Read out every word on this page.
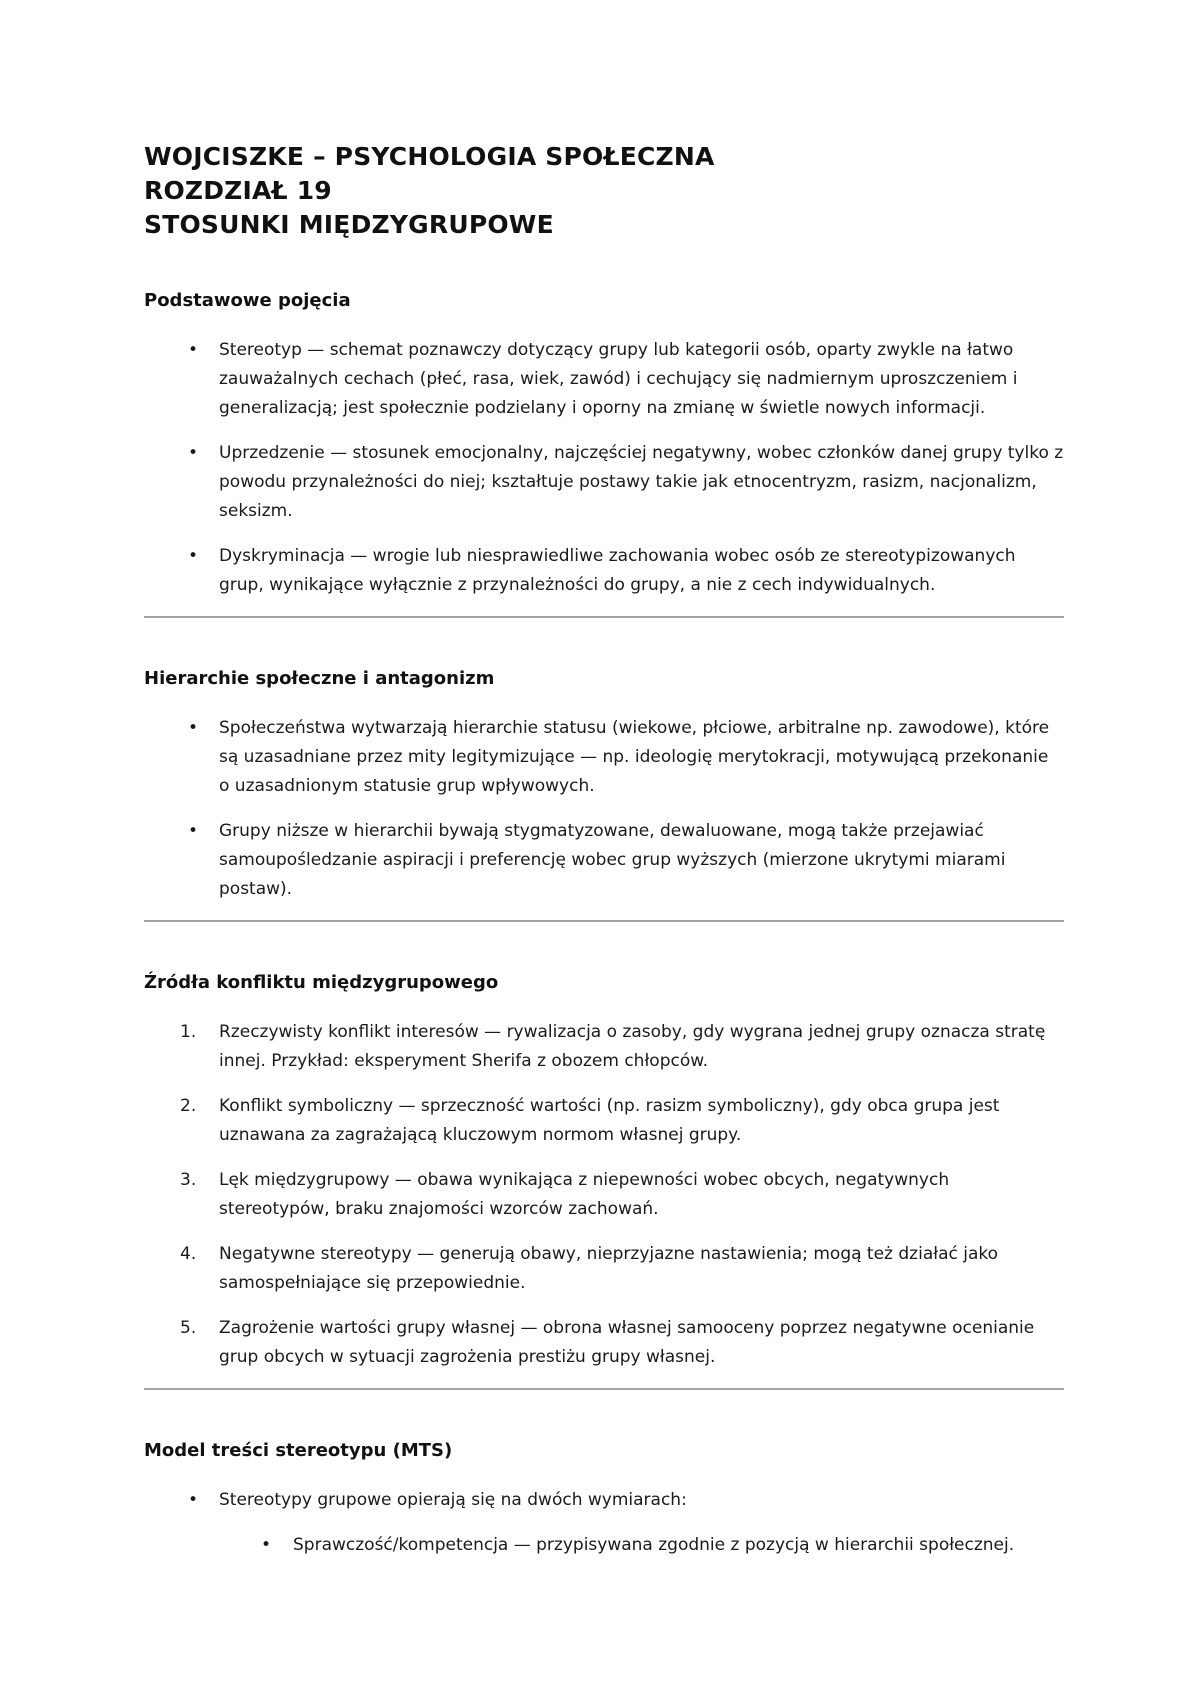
WOJCISZKE – PSYCHOLOGIA SPOŁECZNA
ROZDZIAŁ 19
STOSUNKI MIĘDZYGRUPOWE
Podstawowe pojęcia
• Stereotyp — schemat poznawczy dotyczący grupy lub kategorii osób, oparty zwykle na łatwo zauważalnych cechach (płeć, rasa, wiek, zawód) i cechujący się nadmiernym uproszczeniem i generalizacją; jest społecznie podzielany i oporny na zmianę w świetle nowych informacji.
• Uprzedzenie — stosunek emocjonalny, najczęściej negatywny, wobec członków danej grupy tylko z powodu przynależności do niej; kształtuje postawy takie jak etnocentryzm, rasizm, nacjonalizm, seksizm.
• Dyskryminacja — wrogie lub niesprawiedliwe zachowania wobec osób ze stereotypizowanych grup, wynikające wyłącznie z przynależności do grupy, a nie z cech indywidualnych.
Hierarchie społeczne i antagonizm
• Społeczeństwa wytwarzają hierarchie statusu (wiekowe, płciowe, arbitralne np. zawodowe), które są uzasadniane przez mity legitymizujące — np. ideologię merytokracji, motywującą przekonanie o uzasadnionym statusie grup wpływowych.
• Grupy niższe w hierarchii bywają stygmatyzowane, dewaluowane, mogą także przejawiać samoupośledzanie aspiracji i preferencję wobec grup wyższych (mierzone ukrytymi miarami postaw).
Źródła konfliktu międzygrupowego
1. Rzeczywisty konflikt interesów — rywalizacja o zasoby, gdy wygrana jednej grupy oznacza stratę innej. Przykład: eksperyment Sherifa z obozem chłopców.
2. Konflikt symboliczny — sprzeczność wartości (np. rasizm symboliczny), gdy obca grupa jest uznawana za zagrażającą kluczowym normom własnej grupy.
3. Lęk międzygrupowy — obawa wynikająca z niepewności wobec obcych, negatywnych stereotypów, braku znajomości wzorców zachowań.
4. Negatywne stereotypy — generują obawy, nieprzyjazne nastawienia; mogą też działać jako samospełniające się przepowiednie.
5. Zagrożenie wartości grupy własnej — obrona własnej samooceny poprzez negatywne ocenianie grup obcych w sytuacji zagrożenia prestiżu grupy własnej.
Model treści stereotypu (MTS)
• Stereotypy grupowe opierają się na dwóch wymiarach:
• Sprawczość/kompetencja — przypisywana zgodnie z pozycją w hierarchii społecznej.
